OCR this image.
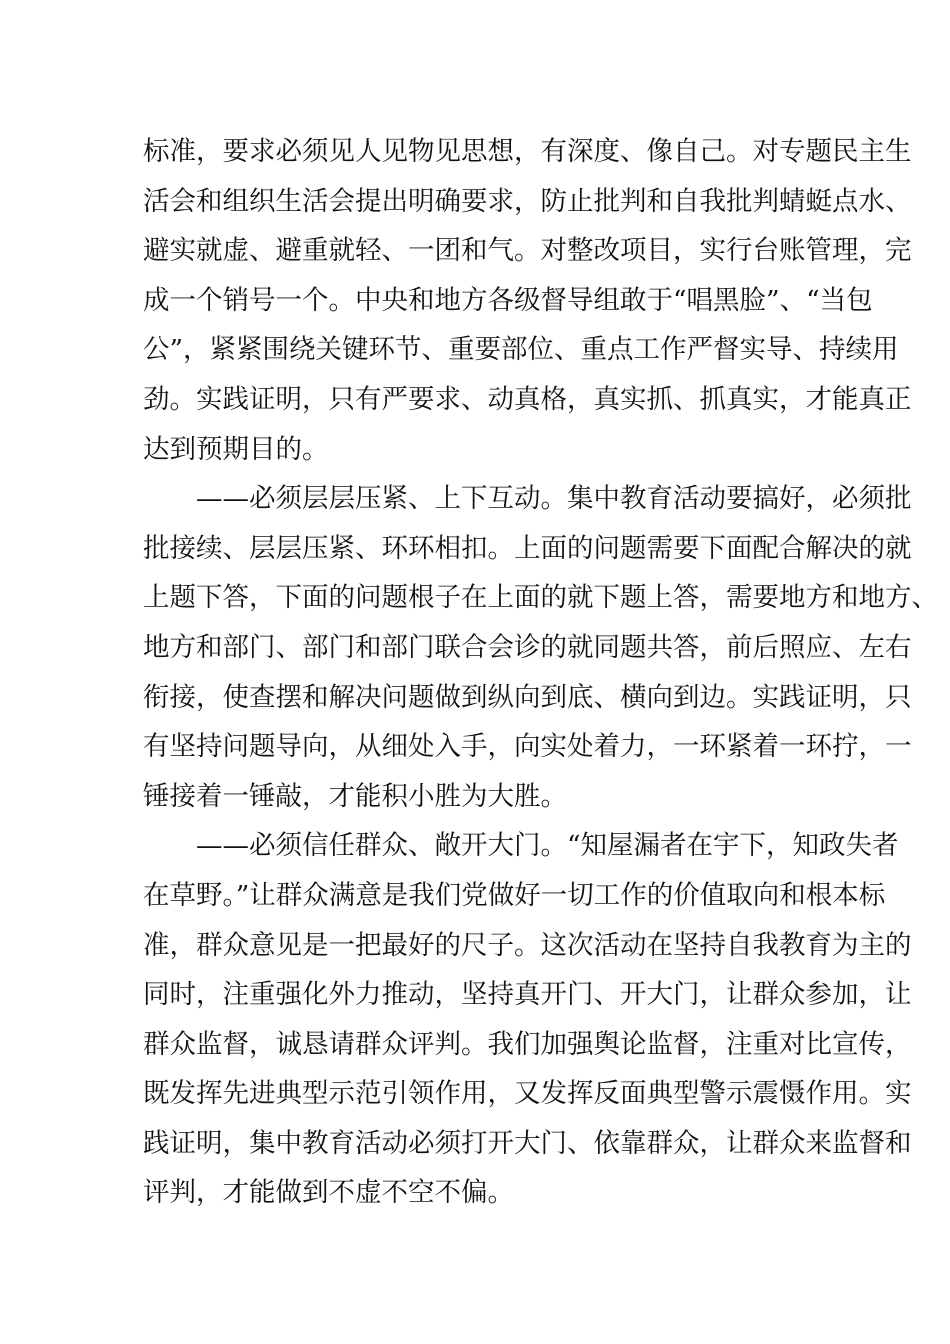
标准，要求必须见人见物见思想，有深度、像自己。对专题民主生
活会和组织生活会提出明确要求，防止批判和自我批判蜻蜓点水、
避实就虚、避重就轻、一团和气。对整改项目，实行台账管理，完
成一个销号一个。中央和地方各级督导组敢于“唱黑脸”、“当包
公”，紧紧围绕关键环节、重要部位、重点工作严督实导、持续用
劲。实践证明，只有严要求、动真格，真实抓、抓真实，才能真正
达到预期目的。
——必须层层压紧、上下互动。集中教育活动要搞好，必须批
批接续、层层压紧、环环相扣。上面的问题需要下面配合解决的就
上题下答，下面的问题根子在上面的就下题上答，需要地方和地方、
地方和部门、部门和部门联合会诊的就同题共答，前后照应、左右
衔接，使查摆和解决问题做到纵向到底、横向到边。实践证明，只
有坚持问题导向，从细处入手，向实处着力，一环紧着一环拧，一
锤接着一锤敲，才能积小胜为大胜。
——必须信任群众、敞开大门。“知屋漏者在宇下，知政失者
在草野。”让群众满意是我们党做好一切工作的价值取向和根本标
准，群众意见是一把最好的尺子。这次活动在坚持自我教育为主的
同时，注重强化外力推动，坚持真开门、开大门，让群众参加，让
群众监督，诚恳请群众评判。我们加强舆论监督，注重对比宣传，
既发挥先进典型示范引领作用，又发挥反面典型警示震慑作用。实
践证明，集中教育活动必须打开大门、依靠群众，让群众来监督和
评判，才能做到不虚不空不偏。
